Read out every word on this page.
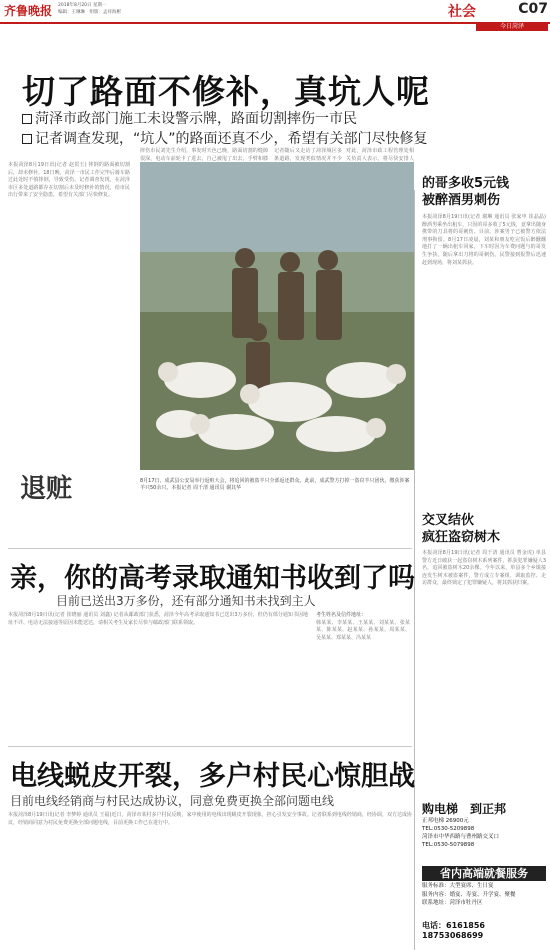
齐鲁晚报 2018年8月20日 星期一
编辑：王琳琳　组版：孟祥海彬	社会	C07
今日菏泽
切了路面不修补，真坑人呢
菏泽市政部门施工未设警示牌，路面切割摔伤一市民
记者调查发现，“坑人”的路面还真不少，希望有关部门尽快修复
本报菏泽8月19日讯(记者 赵贯玉) 摔倒的路面被切割后，却未修补。18日晚，菏泽一市民工作完毕后骑车路过此处时不慎摔倒，导致受伤。记者调查发现，在菏泽市区多处道路都存在切割后未及时修补的情况，给市民出行带来了安全隐患，希望有关部门尽快修复。
摔伤市民刘先生介绍，事发时天色已晚，路面切割的缝隙很深，电动车前轮卡了进去，自己被甩了出去，手臂和膝
记者随后又走访了菏泽城区多条道路，发现类似情况并不少
对此，菏泽市政工程管理处相关负责人表示，将尽快安排人
的哥多收5元钱
被醉酒男刺伤
本报菏泽8月19日讯(记者 谢琳 通讯员 张家申 崔晶晶) 醉酒男乘坐出租车，只因的哥多收了5元钱，竟拿出随身携带的刀具将的哥刺伤。目前，涉案男子已被警方依法刑事拘留。8月17日凌晨，刘某和朋友吃完饭后醉醺醺地打了一辆出租车回家，下车时因为车费问题与的哥发生争执，随后拿出刀将的哥刺伤。民警接到报警后迅速赶到现场，将刘某抓获。
退赃	8月17日，成武县公安局举行返赃大会，将追回的被盗羊只全部返还群众。此前，成武警方打掉一盗窃羊只团伙，缴获涉案羊只50余只。本报记者 周千清 通讯员 谢其华
交叉结伙
疯狂盗窃树木
本报菏泽8月19日讯(记者 周千清 通讯员 曹金虎) 单县警方近日破获一起盗窃树木系列案件，抓获犯罪嫌疑人3名，追回被盗树木20余棵。今年以来，单县多个乡镇接连发生树木被盗案件，警方成立专案组，调取监控、走访群众，最终锁定了犯罪嫌疑人，将其抓获归案。
亲，你的高考录取通知书收到了吗
目前已送出3万多份，还有部分通知书未找到主人
本报菏泽8月19日讯(记者 崔晓丽 通讯员 刘鑫) 记者从邮政部门获悉，菏泽今年高考录取通知书已送出3万多份，但仍有部分通知书因地址不详、电话无法接通等原因未能送达，请相关考生及家长尽快与邮政部门联系领取。
考生姓名及信件地址：
韩某某、李某某、王某某、刘某某、张某某、陈某某、赵某某、孙某某、周某某、吴某某、郑某某、冯某某
电线蜕皮开裂，多户村民心惊胆战
目前电线经销商与村民达成协议，同意免费更换全部问题电线
本报菏泽8月19日讯(记者 李梦婷 通讯员 王福)近日，菏泽市某村多户村民反映，家中使用的电线出现蜕皮开裂现象，担心引发安全事故。记者联系到电线经销商，经协调，双方达成协议，经销商同意为村民免费更换全部问题电线，目前更换工作已在进行中。
购电梯　到正邦
正邦电梯 26900元
TEL:0530-5209898
菏泽市中华西路与曹州路交叉口
TEL:0530-5079898
省内高端就餐服务
服务标准：大型宴席、生日宴
服务内容：婚宴、寿宴、升学宴、聚餐
联系地址：菏泽市牡丹区
电话：6161856　18753068699
